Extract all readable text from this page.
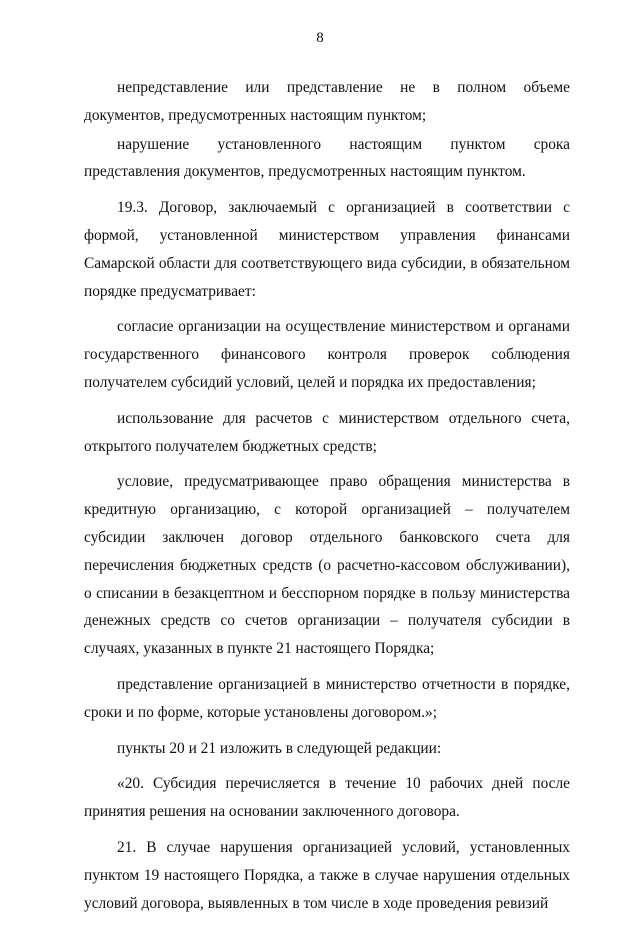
8

непредставление или представление не в полном объеме документов, предусмотренных настоящим пунктом;

нарушение установленного настоящим пунктом срока представления документов, предусмотренных настоящим пунктом.

19.3. Договор, заключаемый с организацией в соответствии с формой, установленной министерством управления финансами Самарской области для соответствующего вида субсидии, в обязательном порядке предусматривает:

согласие организации на осуществление министерством и органами государственного финансового контроля проверок соблюдения получателем субсидий условий, целей и порядка их предоставления;

использование для расчетов с министерством отдельного счета, открытого получателем бюджетных средств;

условие, предусматривающее право обращения министерства в кредитную организацию, с которой организацией – получателем субсидии заключен договор отдельного банковского счета для перечисления бюджетных средств (о расчетно-кассовом обслуживании), о списании в безакцептном и бесспорном порядке в пользу министерства денежных средств со счетов организации – получателя субсидии в случаях, указанных в пункте 21 настоящего Порядка;

представление организацией в министерство отчетности в порядке, сроки и по форме, которые установлены договором.»;

пункты 20 и 21 изложить в следующей редакции:

«20. Субсидия перечисляется в течение 10 рабочих дней после принятия решения на основании заключенного договора.

21. В случае нарушения организацией условий, установленных пунктом 19 настоящего Порядка, а также в случае нарушения отдельных условий договора, выявленных в том числе в ходе проведения ревизий
